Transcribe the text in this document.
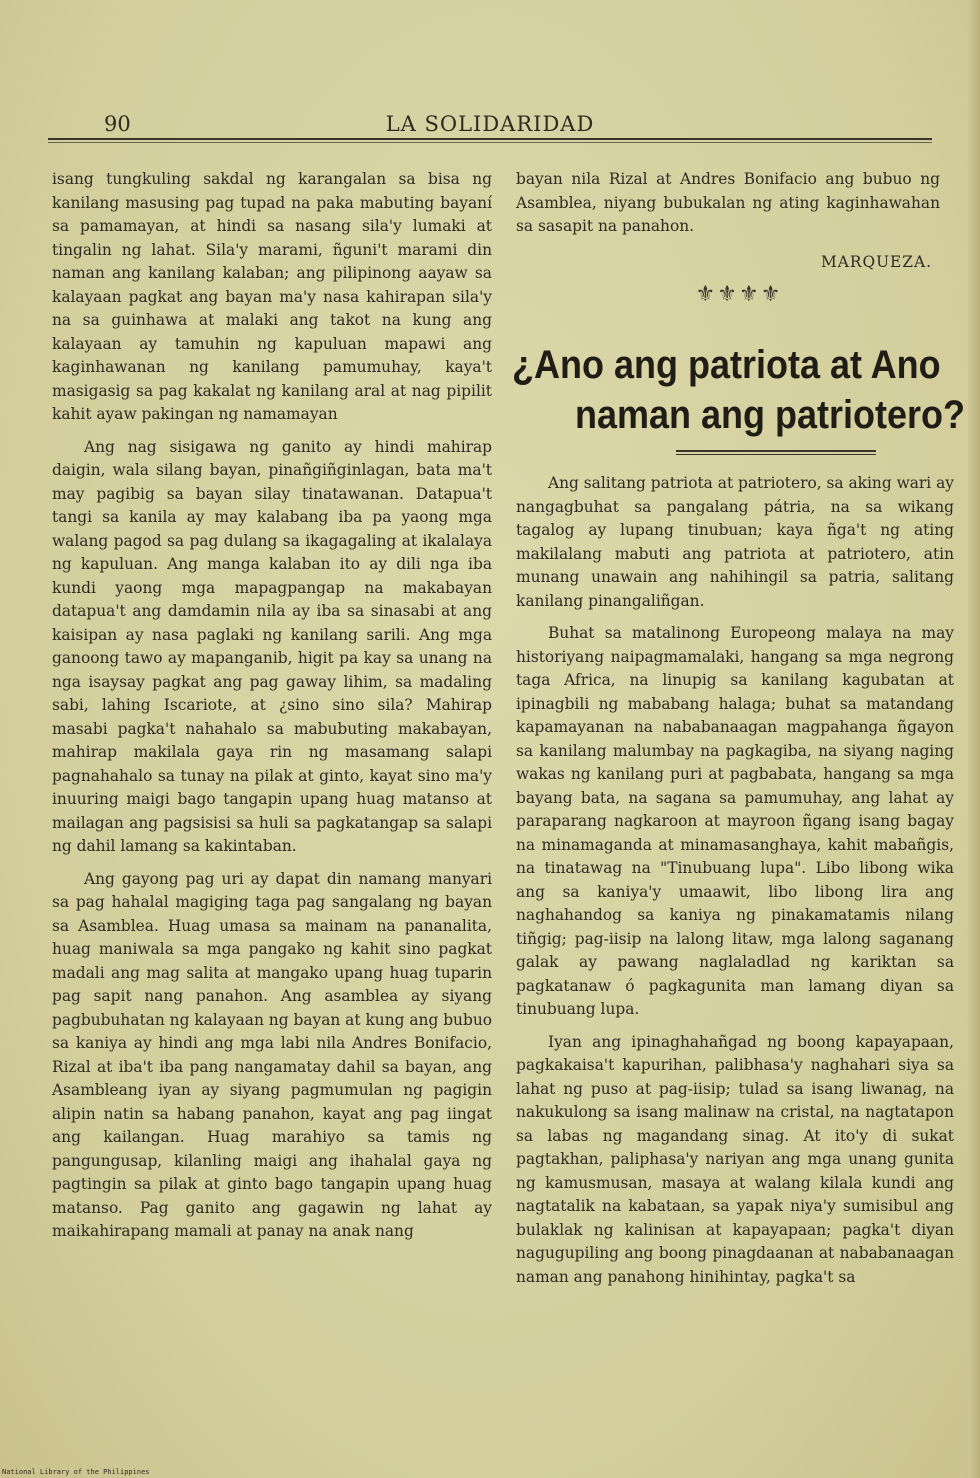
90	LA SOLIDARIDAD

isang tungkuling sakdal ng karangalan sa bisa ng kanilang masusing pag tupad na paka mabuting bayaní sa pamamayan, at hindi sa nasang sila'y lumaki at tingalin ng lahat. Sila'y marami, ñguni't marami din naman ang kanilang kalaban; ang pilipinong aayaw sa kalayaan pagkat ang bayan ma'y nasa kahirapan sila'y na sa guinhawa at malaki ang takot na kung ang kalayaan ay tamuhin ng kapuluan mapawi ang kaginhawanan ng kanilang pamumuhay, kaya't masigasig sa pag kakalat ng kanilang aral at nag pipilit kahit ayaw pakingan ng namamayan

Ang nag sisigawa ng ganito ay hindi mahirap daigin, wala silang bayan, pinañgiñginlagan, bata ma't may pagibig sa bayan silay tinatawanan. Datapua't tangi sa kanila ay may kalabang iba pa yaong mga walang pagod sa pag dulang sa ikagagaling at ikalalaya ng kapuluan. Ang manga kalaban ito ay dili nga iba kundi yaong mga mapagpangap na makabayan datapua't ang damdamin nila ay iba sa sinasabi at ang kaisipan ay nasa paglaki ng kanilang sarili. Ang mga ganoong tawo ay mapanganib, higit pa kay sa unang na nga isaysay pagkat ang pag gaway lihim, sa madaling sabi, lahing Iscariote, at ¿sino sino sila? Mahirap masabi pagka't nahahalo sa mabubuting makabayan, mahirap makilala gaya rin ng masamang salapi pagnahahalo sa tunay na pilak at ginto, kayat sino ma'y inuuring maigi bago tangapin upang huag matanso at mailagan ang pagsisisi sa huli sa pagkatangap sa salapi ng dahil lamang sa kakintaban.

Ang gayong pag uri ay dapat din namang manyari sa pag hahalal magiging taga pag sangalang ng bayan sa Asamblea. Huag umasa sa mainam na pananalita, huag maniwala sa mga pangako ng kahit sino pagkat madali ang mag salita at mangako upang huag tuparin pag sapit nang panahon. Ang asamblea ay siyang pagbubuhatan ng kalayaan ng bayan at kung ang bubuo sa kaniya ay hindi ang mga labi nila Andres Bonifacio, Rizal at iba't iba pang nangamatay dahil sa bayan, ang Asambleang iyan ay siyang pagmumulan ng pagigin alipin natin sa habang panahon, kayat ang pag iingat ang kailangan. Huag marahiyo sa tamis ng pangungusap, kilanling maigi ang ihahalal gaya ng pagtingin sa pilak at ginto bago tangapin upang huag matanso. Pag ganito ang gagawin ng lahat ay maikahirapang mamali at panay na anak nang

bayan nila Rizal at Andres Bonifacio ang bubuo ng Asamblea, niyang bubukalan ng ating kaginhawahan sa sasapit na panahon.

MARQUEZA.
⚜⚜⚜⚜
¿Ano ang patriota at Ano
naman ang patriotero?

Ang salitang patriota at patriotero, sa aking wari ay nangagbuhat sa pangalang pátria, na sa wikang tagalog ay lupang tinubuan; kaya ñga't ng ating makilalang mabuti ang patriota at patriotero, atin munang unawain ang nahihingil sa patria, salitang kanilang pinangaliñgan.

Buhat sa matalinong Europeong malaya na may historiyang naipagmamalaki, hangang sa mga negrong taga Africa, na linupig sa kanilang kagubatan at ipinagbili ng mababang halaga; buhat sa matandang kapamayanan na nababanaagan magpahanga ñgayon sa kanilang malumbay na pagkagiba, na siyang naging wakas ng kanilang puri at pagbabata, hangang sa mga bayang bata, na sagana sa pamumuhay, ang lahat ay paraparang nagkaroon at mayroon ñgang isang bagay na minamaganda at minamasanghaya, kahit mabañgis, na tinatawag na "Tinubuang lupa". Libo libong wika ang sa kaniya'y umaawit, libo libong lira ang naghahandog sa kaniya ng pinakamatamis nilang tiñgig; pag-iisip na lalong litaw, mga lalong saganang galak ay pawang naglaladlad ng kariktan sa pagkatanaw ó pagkagunita man lamang diyan sa tinubuang lupa.

Iyan ang ipinaghahañgad ng boong kapayapaan, pagkakaisa't kapurihan, palibhasa'y naghahari siya sa lahat ng puso at pag-iisip; tulad sa isang liwanag, na nakukulong sa isang malinaw na cristal, na nagtatapon sa labas ng magandang sinag. At ito'y di sukat pagtakhan, paliphasa'y nariyan ang mga unang gunita ng kamusmusan, masaya at walang kilala kundi ang nagtatalik na kabataan, sa yapak niya'y sumisibul ang bulaklak ng kalinisan at kapayapaan; pagka't diyan nagugupiling ang boong pinagdaanan at nababanaagan naman ang panahong hinihintay, pagka't sa

National Library of the Philippines
